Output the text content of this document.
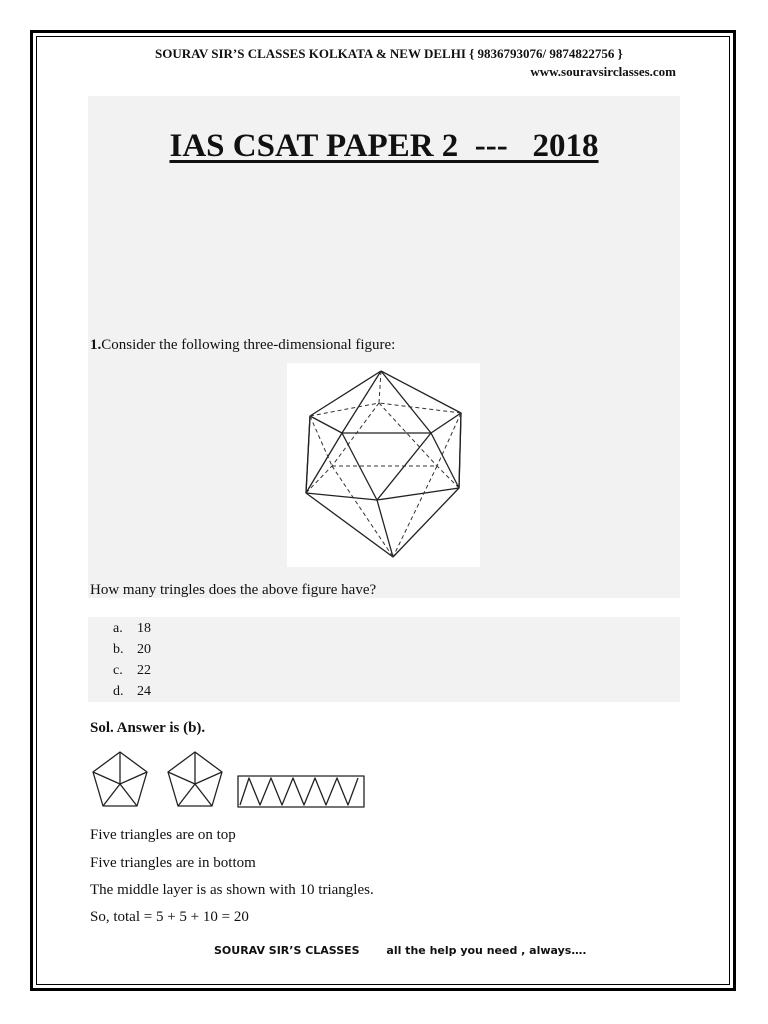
SOURAV SIR’S CLASSES KOLKATA & NEW DELHI { 9836793076/ 9874822756 }
www.souravsirclasses.com
IAS CSAT PAPER 2  ---   2018
1.Consider the following three-dimensional figure:
How many tringles does the above figure have?
a. 18
b. 20
c. 22
d. 24
Sol. Answer is (b).
Five triangles are on top
Five triangles are in bottom
The middle layer is as shown with 10 triangles.
So, total = 5 + 5 + 10 = 20
SOURAV SIR’S CLASSES       all the help you need , always….
